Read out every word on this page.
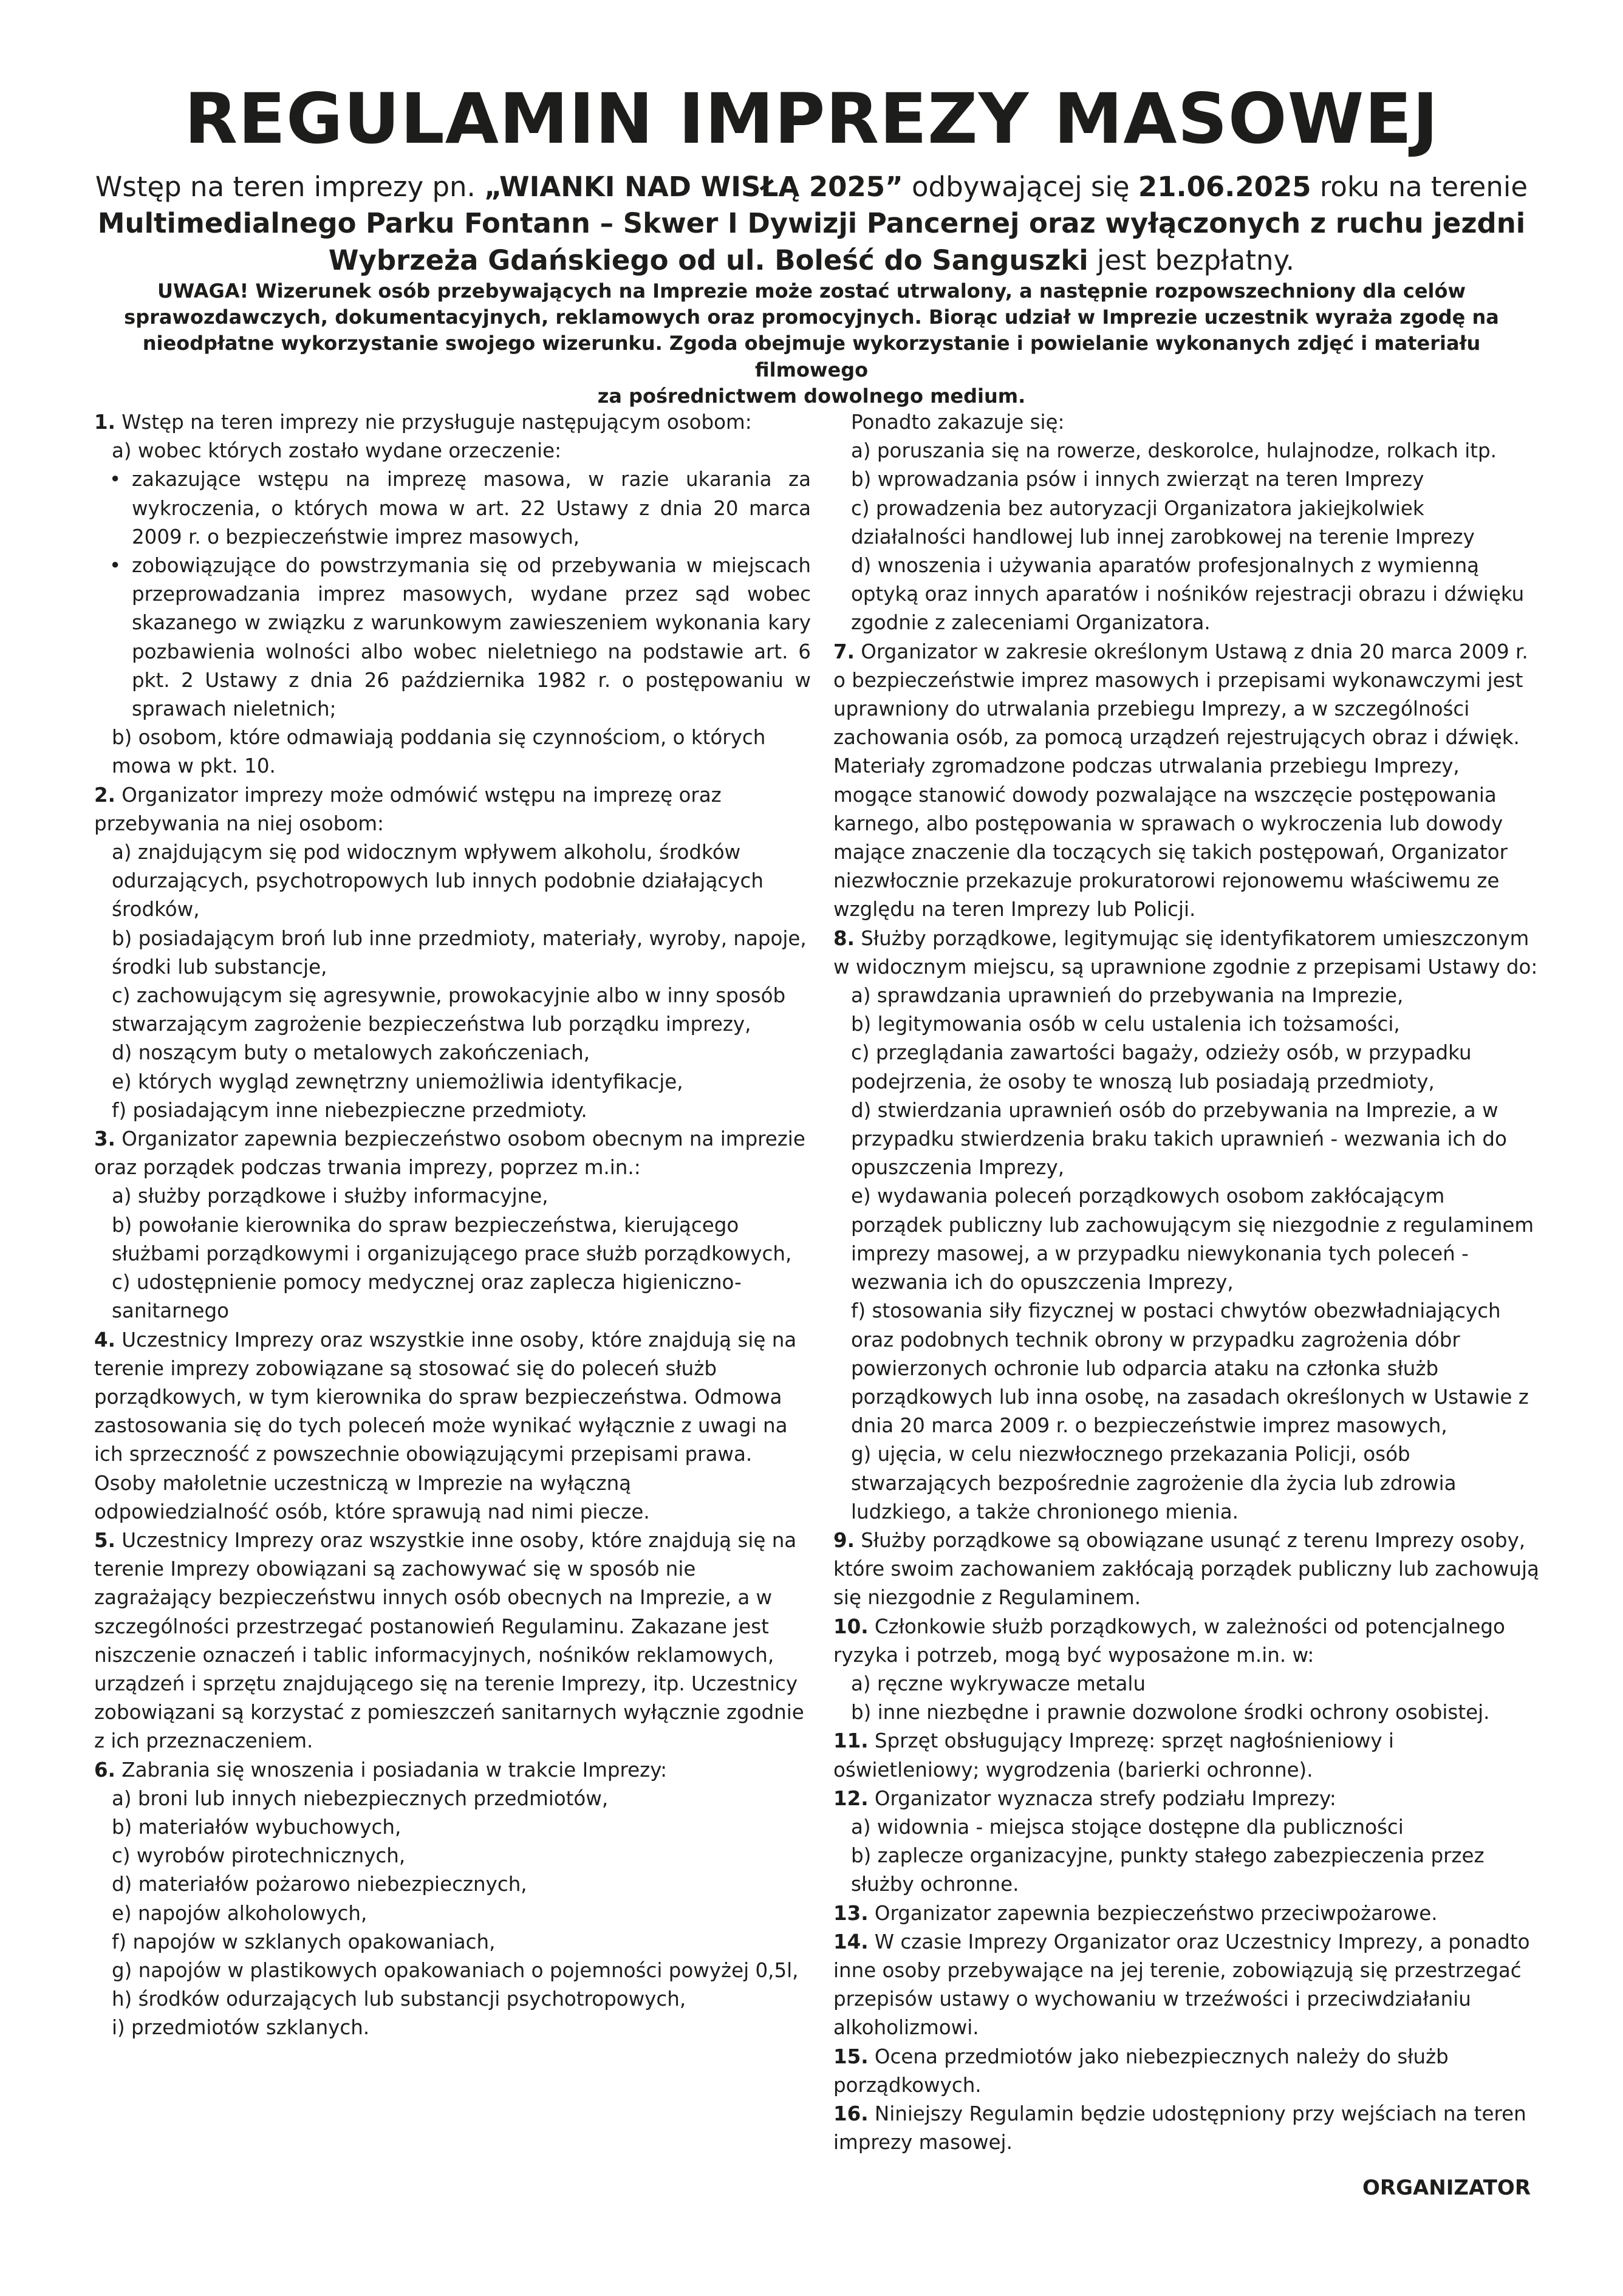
REGULAMIN IMPREZY MASOWEJ
Wstęp na teren imprezy pn. „WIANKI NAD WISŁĄ 2025” odbywającej się 21.06.2025 roku na terenie
Multimedialnego Parku Fontann – Skwer I Dywizji Pancernej oraz wyłączonych z ruchu jezdni Wybrzeża Gdańskiego od ul. Boleść do Sanguszki jest bezpłatny.
UWAGA! Wizerunek osób przebywających na Imprezie może zostać utrwalony, a następnie rozpowszechniony dla celów
sprawozdawczych, dokumentacyjnych, reklamowych oraz promocyjnych. Biorąc udział w Imprezie uczestnik wyraża zgodę na
nieodpłatne wykorzystanie swojego wizerunku. Zgoda obejmuje wykorzystanie i powielanie wykonanych zdjęć i materiału filmowego
za pośrednictwem dowolnego medium.

1. Wstęp na teren imprezy nie przysługuje następującym osobom:

a) wobec których zostało wydane orzeczenie:

• zakazujące wstępu na imprezę masowa, w razie ukarania za wykroczenia, o których mowa w art. 22 Ustawy z dnia 20 marca 2009 r. o bezpieczeństwie imprez masowych,
• zobowiązujące do powstrzymania się od przebywania w miejscach przeprowadzania imprez masowych, wydane przez sąd wobec skazanego w związku z warunkowym zawieszeniem wykonania kary pozbawienia wolności albo wobec nieletniego na podstawie art. 6 pkt. 2 Ustawy z dnia 26 października 1982 r. o postępowaniu w sprawach nieletnich;

b) osobom, które odmawiają poddania się czynnościom, o których mowa w pkt. 10.

2. Organizator imprezy może odmówić wstępu na imprezę oraz przebywania na niej osobom:

a) znajdującym się pod widocznym wpływem alkoholu, środków odurzających, psychotropowych lub innych podobnie działających środków,

b) posiadającym broń lub inne przedmioty, materiały, wyroby, napoje, środki lub substancje,

c) zachowującym się agresywnie, prowokacyjnie albo w inny sposób stwarzającym zagrożenie bezpieczeństwa lub porządku imprezy,

d) noszącym buty o metalowych zakończeniach,

e) których wygląd zewnętrzny uniemożliwia identyfikacje,

f) posiadającym inne niebezpieczne przedmioty.

3. Organizator zapewnia bezpieczeństwo osobom obecnym na imprezie oraz porządek podczas trwania imprezy, poprzez m.in.:

a) służby porządkowe i służby informacyjne,

b) powołanie kierownika do spraw bezpieczeństwa, kierującego służbami porządkowymi i organizującego prace służb porządkowych,

c) udostępnienie pomocy medycznej oraz zaplecza higieniczno-sanitarnego

4. Uczestnicy Imprezy oraz wszystkie inne osoby, które znajdują się na terenie imprezy zobowiązane są stosować się do poleceń służb porządkowych, w tym kierownika do spraw bezpieczeństwa. Odmowa zastosowania się do tych poleceń może wynikać wyłącznie z uwagi na ich sprzeczność z powszechnie obowiązującymi przepisami prawa. Osoby małoletnie uczestniczą w Imprezie na wyłączną odpowiedzialność osób, które sprawują nad nimi piecze.

5. Uczestnicy Imprezy oraz wszystkie inne osoby, które znajdują się na terenie Imprezy obowiązani są zachowywać się w sposób nie zagrażający bezpieczeństwu innych osób obecnych na Imprezie, a w szczególności przestrzegać postanowień Regulaminu. Zakazane jest niszczenie oznaczeń i tablic informacyjnych, nośników reklamowych, urządzeń i sprzętu znajdującego się na terenie Imprezy, itp. Uczestnicy zobowiązani są korzystać z pomieszczeń sanitarnych wyłącznie zgodnie z ich przeznaczeniem.

6. Zabrania się wnoszenia i posiadania w trakcie Imprezy:

a) broni lub innych niebezpiecznych przedmiotów,

b) materiałów wybuchowych,

c) wyrobów pirotechnicznych,

d) materiałów pożarowo niebezpiecznych,

e) napojów alkoholowych,

f) napojów w szklanych opakowaniach,

g) napojów w plastikowych opakowaniach o pojemności powyżej 0,5l,

h) środków odurzających lub substancji psychotropowych,

i) przedmiotów szklanych.

Ponadto zakazuje się:

a) poruszania się na rowerze, deskorolce, hulajnodze, rolkach itp.

b) wprowadzania psów i innych zwierząt na teren Imprezy

c) prowadzenia bez autoryzacji Organizatora jakiejkolwiek działalności handlowej lub innej zarobkowej na terenie Imprezy

d) wnoszenia i używania aparatów profesjonalnych z wymienną optyką oraz innych aparatów i nośników rejestracji obrazu i dźwięku zgodnie z zaleceniami Organizatora.

7. Organizator w zakresie określonym Ustawą z dnia 20 marca 2009 r. o bezpieczeństwie imprez masowych i przepisami wykonawczymi jest uprawniony do utrwalania przebiegu Imprezy, a w szczególności zachowania osób, za pomocą urządzeń rejestrujących obraz i dźwięk. Materiały zgromadzone podczas utrwalania przebiegu Imprezy, mogące stanowić dowody pozwalające na wszczęcie postępowania karnego, albo postępowania w sprawach o wykroczenia lub dowody mające znaczenie dla toczących się takich postępowań, Organizator niezwłocznie przekazuje prokuratorowi rejonowemu właściwemu ze względu na teren Imprezy lub Policji.

8. Służby porządkowe, legitymując się identyfikatorem umieszczonym w widocznym miejscu, są uprawnione zgodnie z przepisami Ustawy do:

a) sprawdzania uprawnień do przebywania na Imprezie,

b) legitymowania osób w celu ustalenia ich tożsamości,

c) przeglądania zawartości bagaży, odzieży osób, w przypadku podejrzenia, że osoby te wnoszą lub posiadają przedmioty,

d) stwierdzania uprawnień osób do przebywania na Imprezie, a w przypadku stwierdzenia braku takich uprawnień - wezwania ich do opuszczenia Imprezy,

e) wydawania poleceń porządkowych osobom zakłócającym porządek publiczny lub zachowującym się niezgodnie z regulaminem imprezy masowej, a w przypadku niewykonania tych poleceń - wezwania ich do opuszczenia Imprezy,

f) stosowania siły fizycznej w postaci chwytów obezwładniających oraz podobnych technik obrony w przypadku zagrożenia dóbr powierzonych ochronie lub odparcia ataku na członka służb porządkowych lub inna osobę, na zasadach określonych w Ustawie z dnia 20 marca 2009 r. o bezpieczeństwie imprez masowych,

g) ujęcia, w celu niezwłocznego przekazania Policji, osób stwarzających bezpośrednie zagrożenie dla życia lub zdrowia ludzkiego, a także chronionego mienia.

9. Służby porządkowe są obowiązane usunąć z terenu Imprezy osoby, które swoim zachowaniem zakłócają porządek publiczny lub zachowują się niezgodnie z Regulaminem.

10. Członkowie służb porządkowych, w zależności od potencjalnego ryzyka i potrzeb, mogą być wyposażone m.in. w:

a) ręczne wykrywacze metalu

b) inne niezbędne i prawnie dozwolone środki ochrony osobistej.

11. Sprzęt obsługujący Imprezę: sprzęt nagłośnieniowy i oświetleniowy; wygrodzenia (barierki ochronne).

12. Organizator wyznacza strefy podziału Imprezy:

a) widownia - miejsca stojące dostępne dla publiczności

b) zaplecze organizacyjne, punkty stałego zabezpieczenia przez służby ochronne.

13. Organizator zapewnia bezpieczeństwo przeciwpożarowe.

14. W czasie Imprezy Organizator oraz Uczestnicy Imprezy, a ponadto inne osoby przebywające na jej terenie, zobowiązują się przestrzegać przepisów ustawy o wychowaniu w trzeźwości i przeciwdziałaniu alkoholizmowi.

15. Ocena przedmiotów jako niebezpiecznych należy do służb porządkowych.

16. Niniejszy Regulamin będzie udostępniony przy wejściach na teren imprezy masowej.

ORGANIZATOR
